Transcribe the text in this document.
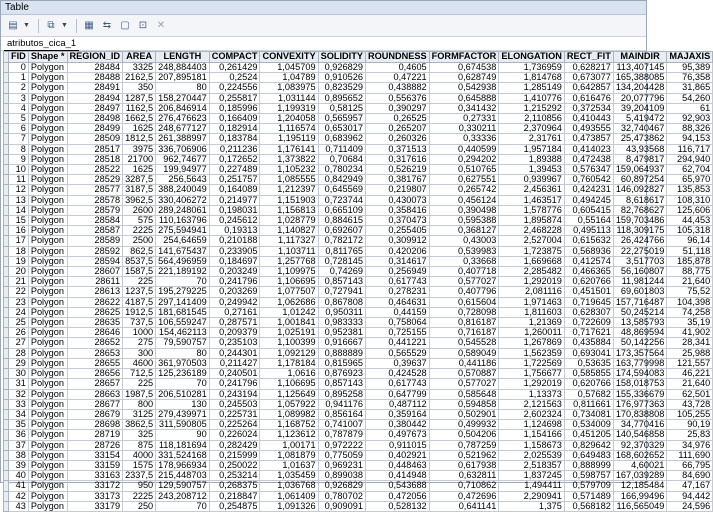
Table
▤ ▼	⧉ ▼	▦ ⇆ ▢ ⊡ ✕
atributos_cica_1
	FID	Shape *	REGION_ID	AREA	LENGTH	COMPACT	CONVEXITY	SOLIDITY	ROUNDNESS	FORMFACTOR	ELONGATION	RECT_FIT	MAINDIR	MAJAXIS
	0	Polygon	28484	3325	248,884403	0,261429	1,045709	0,926829	0,4605	0,674538	1,736959	0,628217	113,407145	95,389
	1	Polygon	28488	2162,5	207,895181	0,2524	1,04789	0,910526	0,47221	0,628749	1,814768	0,673077	165,388085	76,358
	2	Polygon	28491	350	80	0,224556	1,083975	0,823529	0,438882	0,542938	1,285149	0,642857	134,204428	31,865
	3	Polygon	28494	1287,5	158,270447	0,255817	1,031144	0,895652	0,556376	0,645888	1,410776	0,616476	20,077796	54,260
	4	Polygon	28497	1162,5	206,846914	0,185996	1,199319	0,58125	0,390297	0,341432	1,215292	0,372534	39,204109	61
	5	Polygon	28498	1662,5	276,476623	0,166409	1,204058	0,565957	0,26525	0,27331	2,110856	0,410443	5,419472	92,903
	6	Polygon	28499	1625	248,677127	0,182914	1,116574	0,653017	0,265207	0,330211	2,370964	0,493555	32,740467	88,326
	7	Polygon	28509	1812,5	261,388997	0,183784	1,195119	0,683962	0,260326	0,33336	2,31761	0,473857	25,473862	94,153
	8	Polygon	28517	3975	336,706906	0,211236	1,176141	0,711409	0,371513	0,440599	1,957184	0,414023	43,93568	116,717
	9	Polygon	28518	21700	962,74677	0,172652	1,373822	0,70684	0,317616	0,294202	1,89388	0,472438	8,479817	294,940
	10	Polygon	28522	1625	199,94977	0,227489	1,105232	0,780234	0,526219	0,510765	1,39453	0,576347	159,064937	62,704
	11	Polygon	28529	3287,5	256,5643	0,251757	1,085555	0,842949	0,381767	0,627551	0,939967	0,760542	60,897254	65,970
	12	Polygon	28577	3187,5	388,240049	0,164089	1,212397	0,645569	0,219807	0,265742	2,456361	0,424231	146,092827	135,853
	13	Polygon	28578	3962,5	330,406272	0,214977	1,151903	0,723744	0,430073	0,456124	1,463517	0,494245	8,618617	108,310
	14	Polygon	28579	2600	289,248061	0,198031	1,156813	0,665109	0,358416	0,390498	1,578776	0,605415	82,768627	125,606
	15	Polygon	28584	575	110,163796	0,245612	1,028779	0,884615	0,370473	0,595388	1,895874	0,55164	159,703486	44,453
	16	Polygon	28587	2225	275,594941	0,19313	1,140827	0,692607	0,255405	0,368127	2,468228	0,495113	118,309175	105,318
	17	Polygon	28589	2500	254,64659	0,210188	1,117327	0,782172	0,309912	0,43003	2,527004	0,615632	26,424766	96,14
	18	Polygon	28592	862,5	141,675437	0,233905	1,103711	0,811765	0,420206	0,539983	1,723875	0,568936	22,275019	51,118
	19	Polygon	28594	8537,5	564,496959	0,184697	1,257768	0,728145	0,314617	0,33668	1,669668	0,412574	3,517703	185,878
	20	Polygon	28607	1587,5	221,189192	0,203249	1,109975	0,74269	0,256949	0,407718	2,285482	0,466365	56,160807	88,775
	21	Polygon	28611	225	70	0,241796	1,106695	0,857143	0,617743	0,577027	1,292019	0,620766	11,981244	21,640
	22	Polygon	28613	1237,5	195,279225	0,203269	1,077507	0,727941	0,278231	0,407796	2,081116	0,451501	69,601803	75,52
	23	Polygon	28622	4187,5	297,141409	0,249942	1,062686	0,867808	0,464631	0,615604	1,971463	0,719645	157,716487	104,398
	24	Polygon	28625	1912,5	181,681545	0,27161	1,01242	0,950311	0,44159	0,728098	1,811603	0,628307	50,245214	74,258
	25	Polygon	28635	737,5	106,559247	0,287571	1,001841	0,983333	0,758064	0,816187	1,21369	0,722609	13,585793	35,19
	26	Polygon	28646	1000	154,462113	0,209379	1,025191	0,952381	0,725155	0,716187	1,260011	0,717621	48,869594	41,902
	27	Polygon	28652	275	79,590757	0,235103	1,100399	0,916667	0,441221	0,545528	1,267869	0,435884	50,142256	28,341
	28	Polygon	28653	300	80	0,244301	1,092129	0,888889	0,565529	0,589049	1,562359	0,693041	173,357564	25,988
	29	Polygon	28655	4600	361,970503	0,211427	1,178184	0,815965	0,39637	0,441186	1,722569	0,53635	163,779998	121,557
	30	Polygon	28656	712,5	125,236189	0,240501	1,0616	0,876923	0,424528	0,570887	1,756677	0,585855	174,594083	46,221
	31	Polygon	28657	225	70	0,241796	1,106695	0,857143	0,617743	0,577027	1,292019	0,620766	158,018753	21,640
	32	Polygon	28663	1987,5	206,510281	0,243194	1,125649	0,895258	0,647799	0,585648	1,13373	0,57682	155,336679	62,501
	33	Polygon	28677	800	130	0,245503	1,057922	0,941176	0,487112	0,594858	2,121563	0,811661	176,977363	43,728
	34	Polygon	28679	3125	279,439971	0,225731	1,089982	0,856164	0,359164	0,502901	2,602324	0,734081	170,838808	105,255
	35	Polygon	28698	3862,5	311,590805	0,225264	1,168752	0,741007	0,380442	0,499932	1,124698	0,534009	34,770416	90,19
	36	Polygon	28719	325	90	0,226024	1,123612	0,787879	0,497673	0,504206	1,154166	0,451205	140,546858	25,83
	37	Polygon	28726	875	118,181694	0,282429	1,00171	0,972222	0,911015	0,787259	1,158673	0,829642	92,370329	34,976
	38	Polygon	33154	4000	331,524168	0,215999	1,081879	0,775059	0,402921	0,521962	2,025539	0,649483	168,602652	111,690
	39	Polygon	33159	1575	178,966934	0,250022	1,01637	0,969231	0,448463	0,617938	2,518357	0,888999	4,60021	66,795
	40	Polygon	33163	2337,5	215,448703	0,253214	1,035459	0,899038	0,414948	0,632811	1,837245	0,598757	167,039289	84,690
	41	Polygon	33172	950	129,590757	0,268375	1,036768	0,926829	0,543688	0,710862	1,494411	0,579709	12,185484	47,167
	42	Polygon	33173	2225	243,208712	0,218847	1,061409	0,780702	0,472056	0,472696	2,290941	0,571489	166,99496	94,442
	43	Polygon	33179	250	70	0,254875	1,091326	0,909091	0,528132	0,641141	1,375	0,568182	116,565049	24,596
